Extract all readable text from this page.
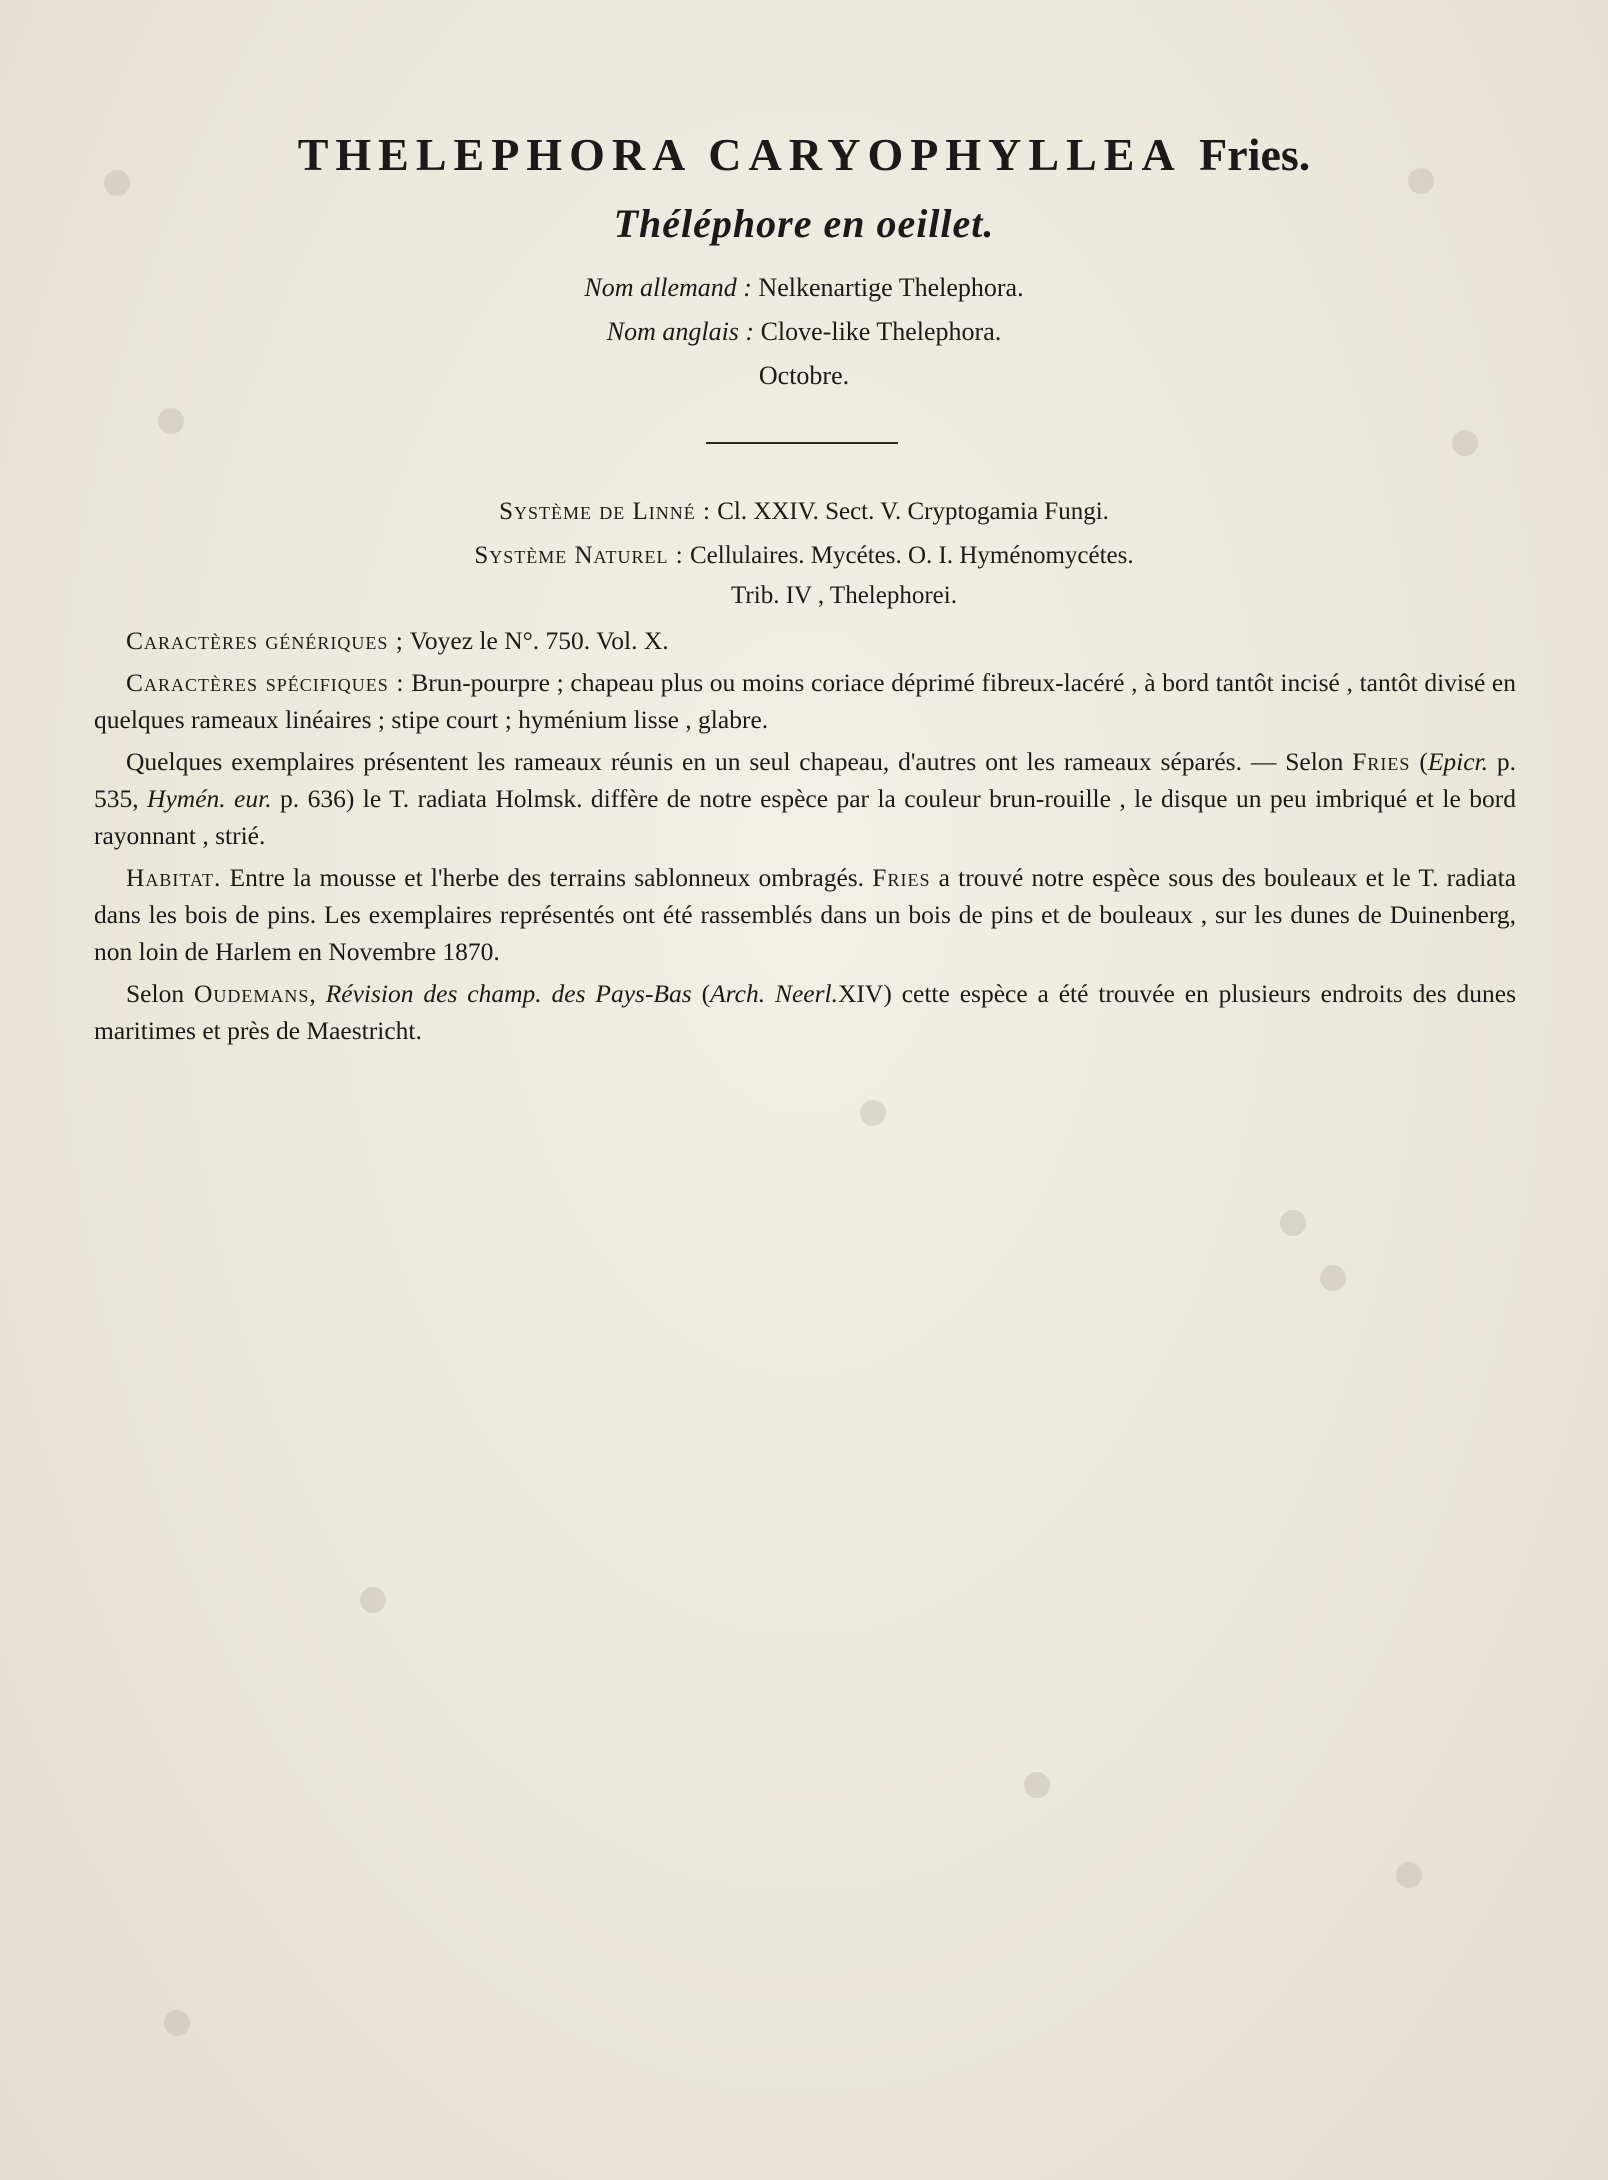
THELEPHORA CARYOPHYLLEA Fries.
Théléphore en oeillet.
Nom allemand : Nelkenartige Thelephora.
Nom anglais : Clove-like Thelephora.
Octobre.
Système de Linné : Cl. XXIV. Sect. V. Cryptogamia Fungi.
Système Naturel : Cellulaires. Mycétes. O. I. Hyménomycétes.
Trib. IV , Thelephorei.

Caractères génériques ; Voyez le N°. 750. Vol. X.

Caractères spécifiques : Brun-pourpre ; chapeau plus ou moins coriace déprimé fibreux-lacéré , à bord tantôt incisé , tantôt divisé en quelques rameaux linéaires ; stipe court ; hyménium lisse , glabre.

Quelques exemplaires présentent les rameaux réunis en un seul chapeau, d'autres ont les rameaux séparés. — Selon Fries (Epicr. p. 535, Hymén. eur. p. 636) le T. radiata Holmsk. diffère de notre espèce par la couleur brun-rouille , le disque un peu imbriqué et le bord rayonnant , strié.

Habitat. Entre la mousse et l'herbe des terrains sablonneux ombragés. Fries a trouvé notre espèce sous des bouleaux et le T. radiata dans les bois de pins. Les exemplaires représentés ont été rassemblés dans un bois de pins et de bouleaux , sur les dunes de Duinenberg, non loin de Harlem en Novembre 1870.

Selon Oudemans, Révision des champ. des Pays-Bas (Arch. Neerl.XIV) cette espèce a été trouvée en plusieurs endroits des dunes maritimes et près de Maestricht.
